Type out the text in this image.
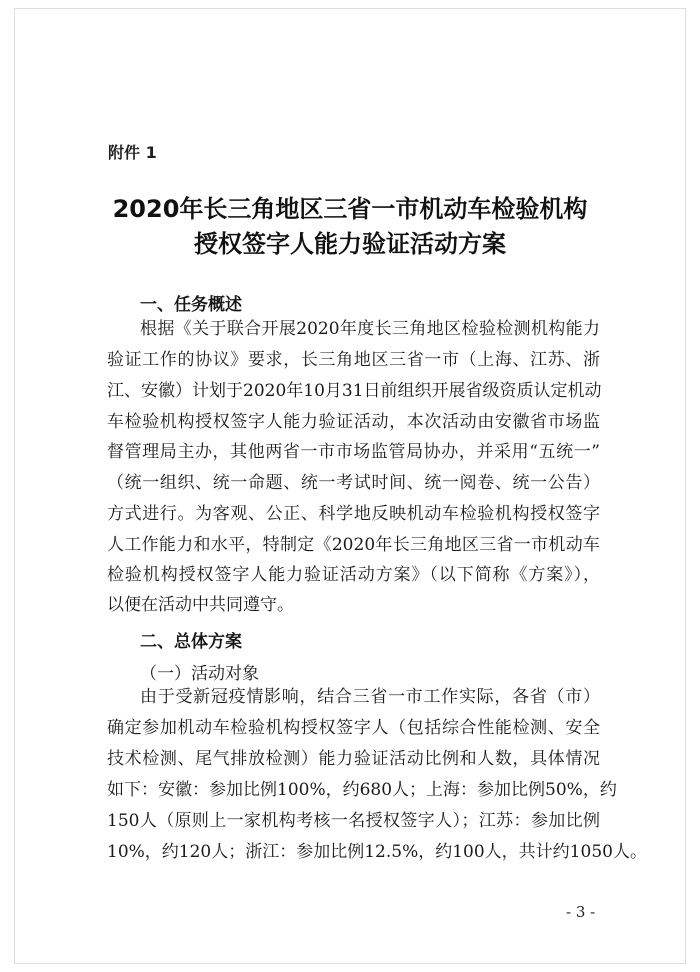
附件 1
2020年长三角地区三省一市机动车检验机构
授权签字人能力验证活动方案
一、任务概述
根据《关于联合开展2020年度长三角地区检验检测机构能力
验证工作的协议》要求，长三角地区三省一市（上海、江苏、浙
江、安徽）计划于2020年10月31日前组织开展省级资质认定机动
车检验机构授权签字人能力验证活动，本次活动由安徽省市场监
督管理局主办，其他两省一市市场监管局协办，并采用“五统一”
（统一组织、统一命题、统一考试时间、统一阅卷、统一公告）
方式进行。为客观、公正、科学地反映机动车检验机构授权签字
人工作能力和水平，特制定《2020年长三角地区三省一市机动车
检验机构授权签字人能力验证活动方案》（以下简称《方案》），
以便在活动中共同遵守。
二、总体方案
（一）活动对象
由于受新冠疫情影响，结合三省一市工作实际，各省（市）
确定参加机动车检验机构授权签字人（包括综合性能检测、安全
技术检测、尾气排放检测）能力验证活动比例和人数，具体情况
如下：安徽：参加比例100%，约680人；上海：参加比例50%，约
150人（原则上一家机构考核一名授权签字人）；江苏：参加比例
10%，约120人；浙江：参加比例12.5%，约100人，共计约1050人。
- 3 -
